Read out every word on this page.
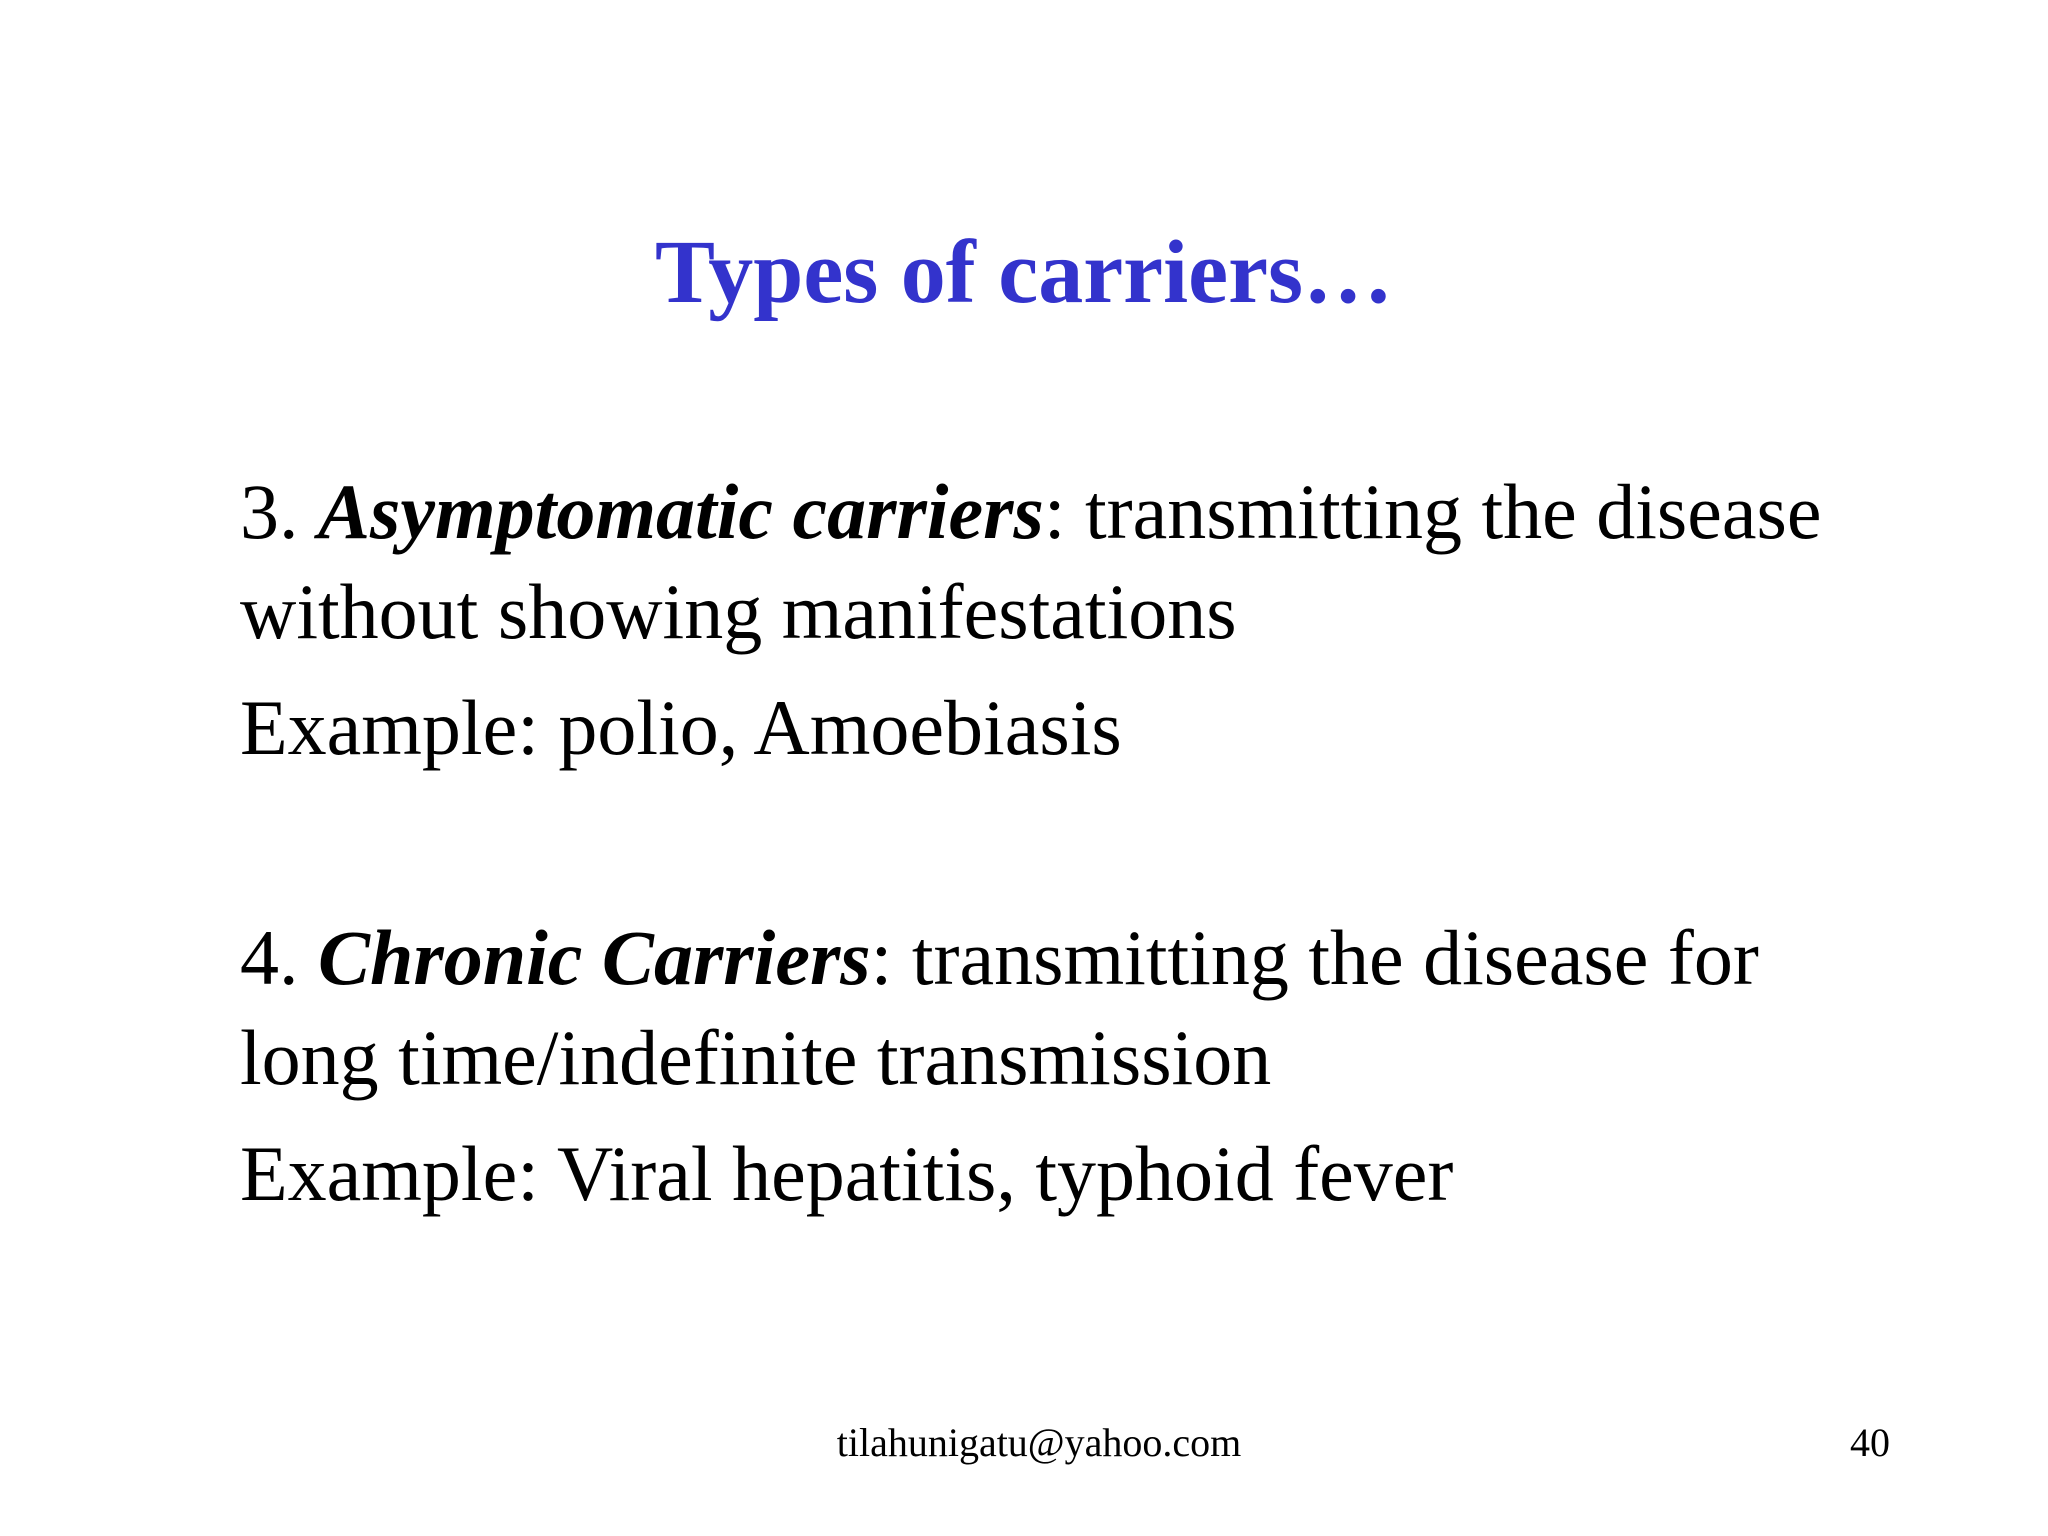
Types of carriers…

3. Asymptomatic carriers: transmitting the disease

without showing manifestations

Example: polio, Amoebiasis

4. Chronic Carriers: transmitting the disease for

long time/indefinite transmission

Example: Viral hepatitis, typhoid fever

tilahunigatu@yahoo.com	40
